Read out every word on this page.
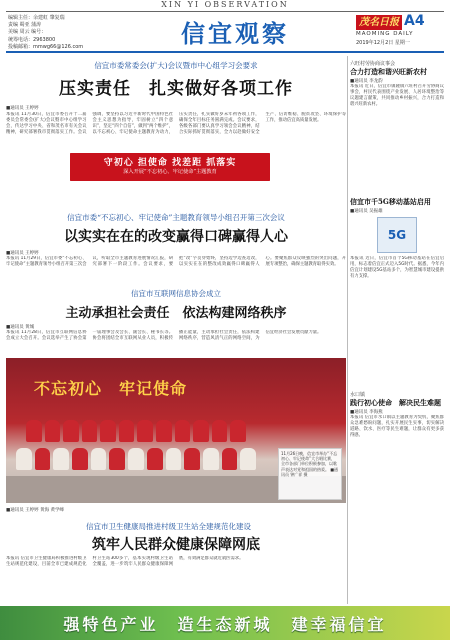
XIN YI OBSERVATION
编辑主任：余建虹 肇复瑞
责编 蜀亚 蒲涛
美编 周云 编号：
统筹电话：2963800
投稿邮箱：mmwg66@126.com	信宜观察	茂名日报 A4
MAOMING DAILY
2019年12月2日 星期一
信宜市委常委会(扩大)会议暨市中心组学习会要求
压实责任　扎实做好各项工作
■通讯员 王婷婷
本报讯 11月30日，信宜市委召开十二届委员会常委会(扩大)会议暨市中心组学习会，传达学习中央、省和茂名市有关会议精神，研究部署我市贯彻落实工作。会议强调，要坚持以习近平新时代中国特色社会主义思想为指导，牢固树立“四个意识”，坚定“四个自信”，做到“两个维护”，以不忘初心、牢记使命主题教育为动力，压实责任，扎实做好岁末年初各项工作，确保全年目标任务圆满完成。会议要求，各级各部门要认真学习领会会议精神，结合实际抓好贯彻落实，全力以赴做好安全生产、信访维稳、脱贫攻坚、环境保护等工作，推动信宜高质量发展。
守初心 担使命 找差距 抓落实
深入开展“不忘初心、牢记使命”主题教育
信宜市委“不忘初心、牢记使命”主题教育领导小组召开第三次会议
以实实在在的改变赢得口碑赢得人心
■通讯员 王婷婷
本报讯 11月29日，信宜市委“不忘初心、牢记使命”主题教育领导小组召开第三次会议，听取全市主题教育进展情况汇报，研究部署下一阶段工作。会议要求，要把“改”字贯穿始终，坚持边学边查边改，以实实在在的整改成效赢得口碑赢得人心。要聚焦群众反映强烈的突出问题，开展专项整治，确保主题教育取得实效。
信宜市互联网信息协会成立
主动承担社会责任　依法构建网络秩序
■通讯员 黄城
本报讯 11月28日，信宜市互联网信息协会成立大会召开。会议选举产生了协会第一届理事会及会长、副会长、秘书长等。协会将团结全市互联网从业人员，积极传播正能量，主动承担社会责任，依法构建网络秩序，营造风清气正的网络空间，为信宜经济社会发展贡献力量。
不忘初心　牢记使命
11月26日晚，信宜市举办“不忘初心、牢记使命”大合唱比赛，全市各部门单位积极参加，以歌声表达对党和祖国的热爱。 ■通讯员 钟广祥 摄
■通讯员 王婷婷 黄海 黄学峰
信宜市卫生健康局推进村级卫生站全建规范化建设
筑牢人民群众健康保障网底
本报讯 信宜市卫生健康局积极推进村级卫生站规范化建设，目前全市已建成规范化村卫生站300多个，基本实现村级卫生站全覆盖，进一步筑牢人民群众健康保障网底，有效满足群众就近就医需求。
六旺村劳协商议事会
合力打造和谐兴旺新农村
■通讯员 李龙韵
本报讯 近日，信宜市镇隆镇六旺村召开劳协商议事会，村民代表围绕产业发展、人居环境整治等议题建言献策，共同推动乡村振兴，合力打造和谐兴旺新农村。
信宜市千5G移动基站启用
■通讯员 吴振雄
5G
本报讯 近日，信宜市首个5G移动基站在信宜启用，标志着信宜正式迈入5G时代。据悉，今年内信宜计划建设5G基站多个，为智慧城市建设提供有力支撑。
水口镇
践行初心使命　解决民生难题
■通讯员 李海燕
本报讯 信宜市水口镇以主题教育为契机，聚焦群众急难愁盼问题，扎实开展民生实事，切实解决道路、饮水、医疗等民生难题，让群众有更多获得感。
强特色产业　造生态新城　建幸福信宜
